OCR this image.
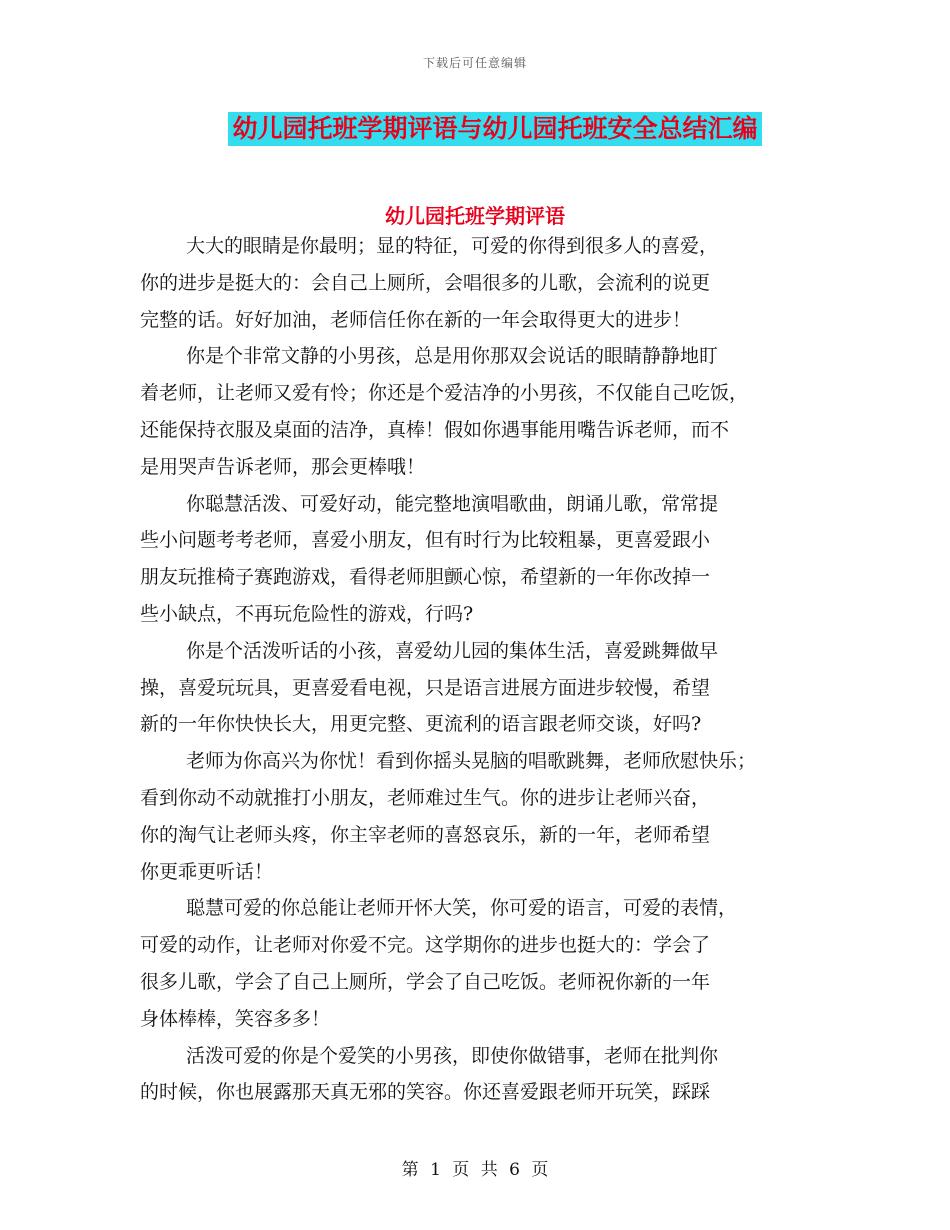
下载后可任意编辑
幼儿园托班学期评语与幼儿园托班安全总结汇编
幼儿园托班学期评语

大大的眼睛是你最明；显的特征，可爱的你得到很多人的喜爱，
你的进步是挺大的：会自己上厕所，会唱很多的儿歌，会流利的说更
完整的话。好好加油，老师信任你在新的一年会取得更大的进步！

你是个非常文静的小男孩，总是用你那双会说话的眼睛静静地盯
着老师，让老师又爱有怜；你还是个爱洁净的小男孩，不仅能自己吃饭，
还能保持衣服及桌面的洁净，真棒！假如你遇事能用嘴告诉老师，而不
是用哭声告诉老师，那会更棒哦！

你聪慧活泼、可爱好动，能完整地演唱歌曲，朗诵儿歌，常常提
些小问题考考老师，喜爱小朋友，但有时行为比较粗暴，更喜爱跟小
朋友玩推椅子赛跑游戏，看得老师胆颤心惊，希望新的一年你改掉一
些小缺点，不再玩危险性的游戏，行吗?

你是个活泼听话的小孩，喜爱幼儿园的集体生活，喜爱跳舞做早
操，喜爱玩玩具，更喜爱看电视，只是语言进展方面进步较慢，希望
新的一年你快快长大，用更完整、更流利的语言跟老师交谈，好吗?

老师为你高兴为你忧！看到你摇头晃脑的唱歌跳舞，老师欣慰快乐；
看到你动不动就推打小朋友，老师难过生气。你的进步让老师兴奋，
你的淘气让老师头疼，你主宰老师的喜怒哀乐，新的一年，老师希望
你更乖更听话！

聪慧可爱的你总能让老师开怀大笑，你可爱的语言，可爱的表情，
可爱的动作，让老师对你爱不完。这学期你的进步也挺大的：学会了
很多儿歌，学会了自己上厕所，学会了自己吃饭。老师祝你新的一年
身体棒棒，笑容多多！

活泼可爱的你是个爱笑的小男孩，即使你做错事，老师在批判你
的时候，你也展露那天真无邪的笑容。你还喜爱跟老师开玩笑，踩踩

第 1 页 共 6 页
